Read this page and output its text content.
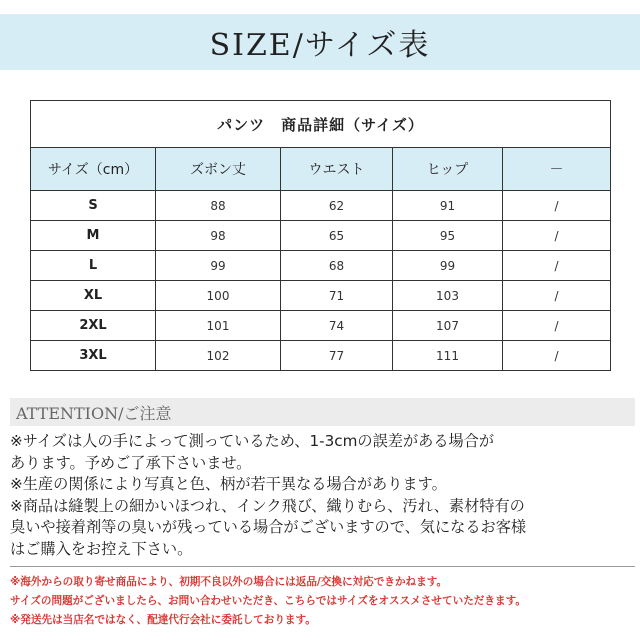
SIZE/サイズ表
パンツ　商品詳細（サイズ）				
サイズ（cm）	ズボン丈	ウエスト	ヒップ	－
S	88	62	91	/
M	98	65	95	/
L	99	68	99	/
XL	100	71	103	/
2XL	101	74	107	/
3XL	102	77	111	/
ATTENTION/ご注意
※サイズは人の手によって測っているため、1-3cmの誤差がある場合が
あります。予めご了承下さいませ。
※生産の関係により写真と色、柄が若干異なる場合があります。
※商品は縫製上の細かいほつれ、インク飛び、織りむら、汚れ、素材特有の
臭いや接着剤等の臭いが残っている場合がございますので、気になるお客様
はご購入をお控え下さい。
※海外からの取り寄せ商品により、初期不良以外の場合には返品/交換に対応できかねます。
サイズの問題がございましたら、お問い合わせいただき、こちらではサイズをオススメさせていただきます。
※発送先は当店名ではなく、配達代行会社に委託しております。
